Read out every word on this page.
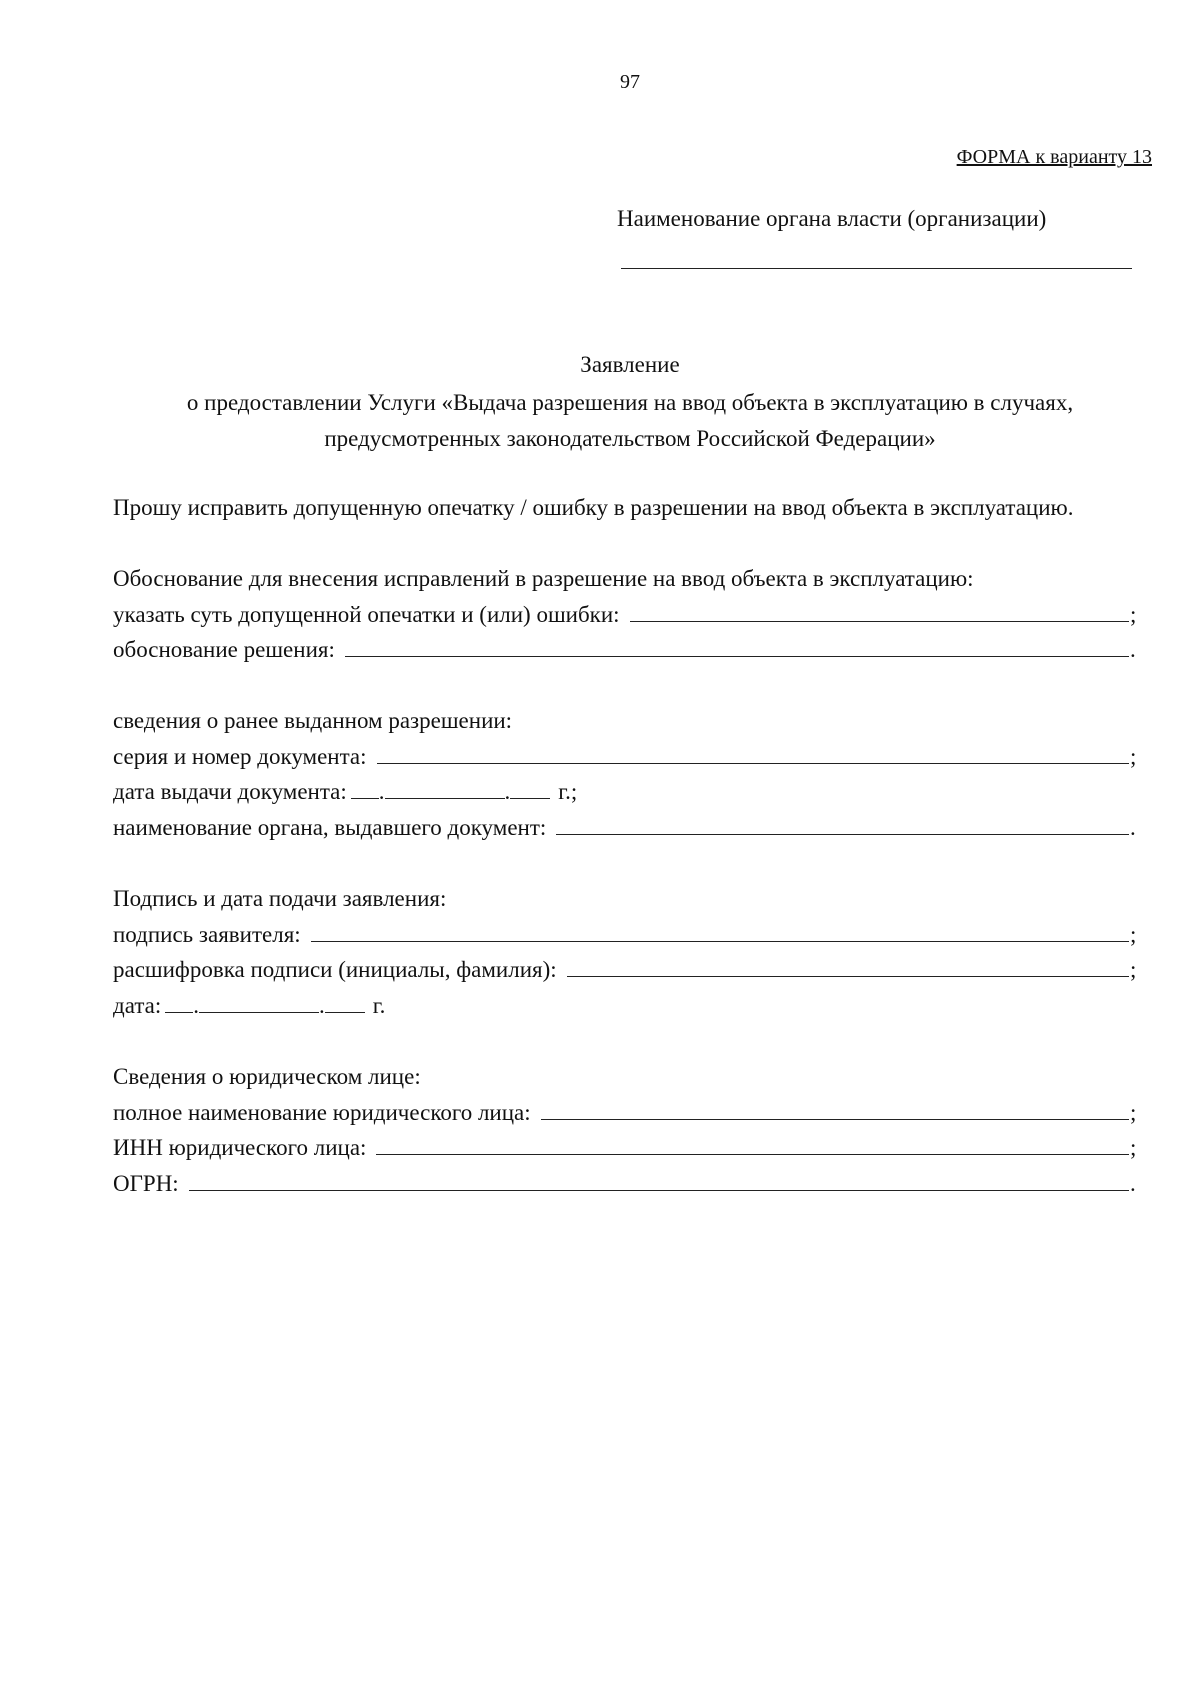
97
ФОРМА к варианту 13
Наименование органа власти (организации)
Заявление
о предоставлении Услуги «Выдача разрешения на ввод объекта в эксплуатацию в случаях,
предусмотренных законодательством Российской Федерации»
Прошу исправить допущенную опечатку / ошибку в разрешении на ввод объекта в эксплуатацию.
Обоснование для внесения исправлений в разрешение на ввод объекта в эксплуатацию:
указать суть допущенной опечатки и (или) ошибки:	;
обоснование решения:	.
сведения о ранее выданном разрешении:
серия и номер документа:	;
дата выдачи документа: .	. г.;
наименование органа, выдавшего документ:	.
Подпись и дата подачи заявления:
подпись заявителя:	;
расшифровка подписи (инициалы, фамилия):	;
дата: .	. г.
Сведения о юридическом лице:
полное наименование юридического лица:	;
ИНН юридического лица:	;
ОГРН:	.
